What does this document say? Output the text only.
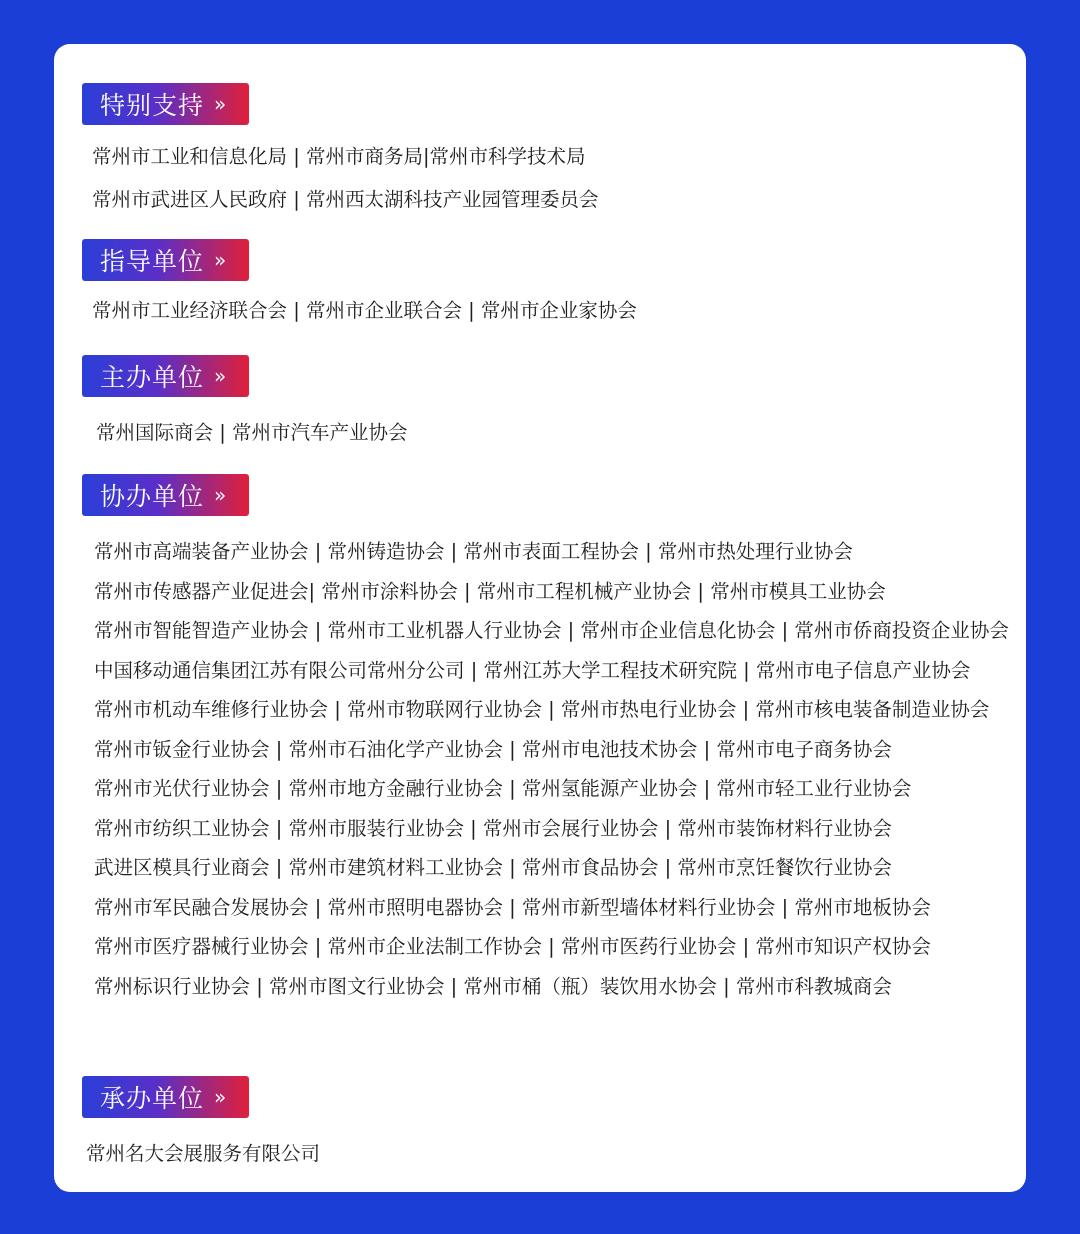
特别支持 »
常州市工业和信息化局 | 常州市商务局|常州市科学技术局
常州市武进区人民政府 | 常州西太湖科技产业园管理委员会
指导单位 »
常州市工业经济联合会 | 常州市企业联合会 | 常州市企业家协会
主办单位 »
常州国际商会 | 常州市汽车产业协会
协办单位 »
常州市高端装备产业协会 | 常州铸造协会 | 常州市表面工程协会 | 常州市热处理行业协会
常州市传感器产业促进会| 常州市涂料协会 | 常州市工程机械产业协会 | 常州市模具工业协会
常州市智能智造产业协会 | 常州市工业机器人行业协会 | 常州市企业信息化协会 | 常州市侨商投资企业协会
中国移动通信集团江苏有限公司常州分公司 | 常州江苏大学工程技术研究院 | 常州市电子信息产业协会
常州市机动车维修行业协会 | 常州市物联网行业协会 | 常州市热电行业协会 | 常州市核电装备制造业协会
常州市钣金行业协会 | 常州市石油化学产业协会 | 常州市电池技术协会 | 常州市电子商务协会
常州市光伏行业协会 | 常州市地方金融行业协会 | 常州氢能源产业协会 | 常州市轻工业行业协会
常州市纺织工业协会 | 常州市服装行业协会 | 常州市会展行业协会 | 常州市装饰材料行业协会
武进区模具行业商会 | 常州市建筑材料工业协会 | 常州市食品协会 | 常州市烹饪餐饮行业协会
常州市军民融合发展协会 | 常州市照明电器协会 | 常州市新型墙体材料行业协会 | 常州市地板协会
常州市医疗器械行业协会 | 常州市企业法制工作协会 | 常州市医药行业协会 | 常州市知识产权协会
常州标识行业协会 | 常州市图文行业协会 | 常州市桶（瓶）装饮用水协会 | 常州市科教城商会
承办单位 »
常州名大会展服务有限公司
